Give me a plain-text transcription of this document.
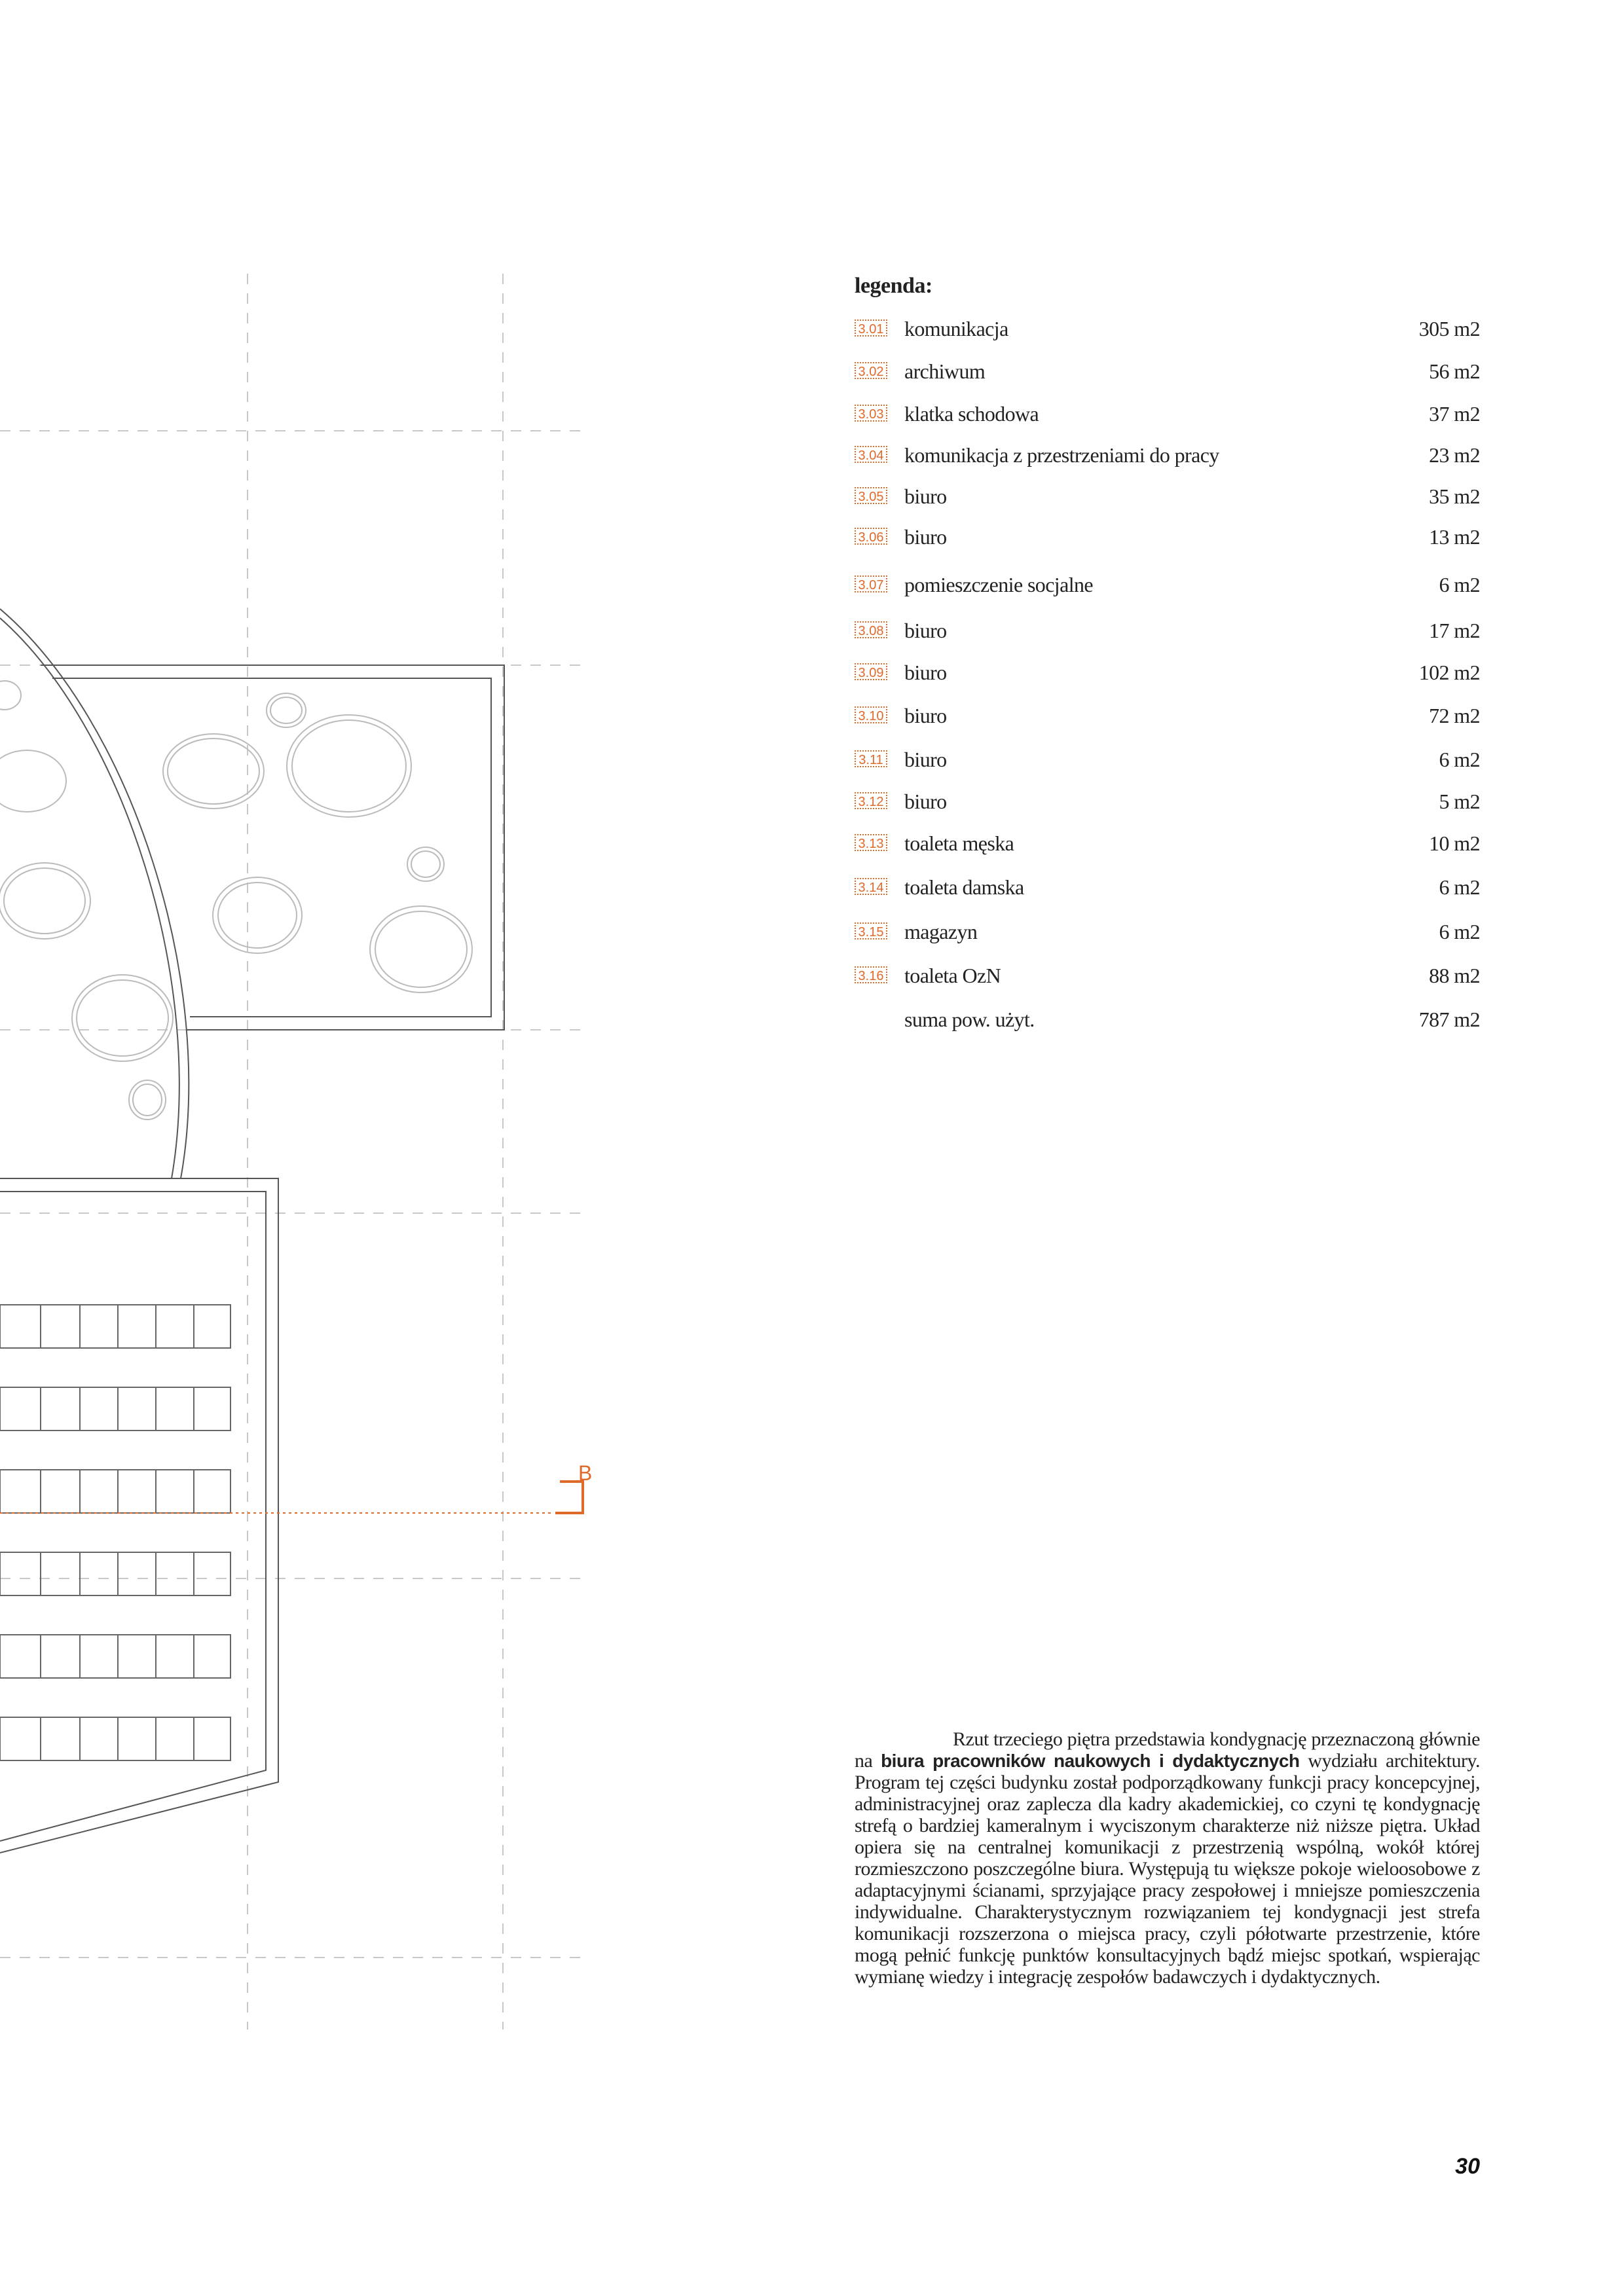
B
legenda:
3.01 komunikacja	305 m2
3.02 archiwum	56 m2
3.03 klatka schodowa	37 m2
3.04 komunikacja z przestrzeniami do pracy	23 m2
3.05 biuro	35 m2
3.06 biuro	13 m2
3.07 pomieszczenie socjalne	6 m2
3.08 biuro	17 m2
3.09 biuro	102 m2
3.10 biuro	72 m2
3.11 biuro	6 m2
3.12 biuro	5 m2
3.13 toaleta męska	10 m2
3.14 toaleta damska	6 m2
3.15 magazyn	6 m2
3.16 toaleta OzN	88 m2
suma pow. użyt.	787 m2
Rzut trzeciego piętra przedstawia kondygnację przeznaczoną głównie na biura pracowników naukowych i dydaktycznych wydziału architektury. Program tej części budynku został podporządkowany funkcji pracy koncepcyjnej, administracyjnej oraz zaplecza dla kadry akademickiej, co czyni tę kondygnację strefą o bardziej kameralnym i wyciszonym charakterze niż niższe piętra. Układ opiera się na centralnej komunikacji z przestrzenią wspólną, wokół której rozmieszczono poszczególne biura. Występują tu większe pokoje wieloosobowe z adaptacyjnymi ścianami, sprzyjające pracy zespołowej i mniejsze pomieszczenia indywidualne. Charakterystycznym rozwiązaniem tej kondygnacji jest strefa komunikacji rozszerzona o miejsca pracy, czyli półotwarte przestrzenie, które mogą pełnić funkcję punktów konsultacyjnych bądź miejsc spotkań, wspierając wymianę wiedzy i integrację zespołów badawczych i dydaktycznych.
30
